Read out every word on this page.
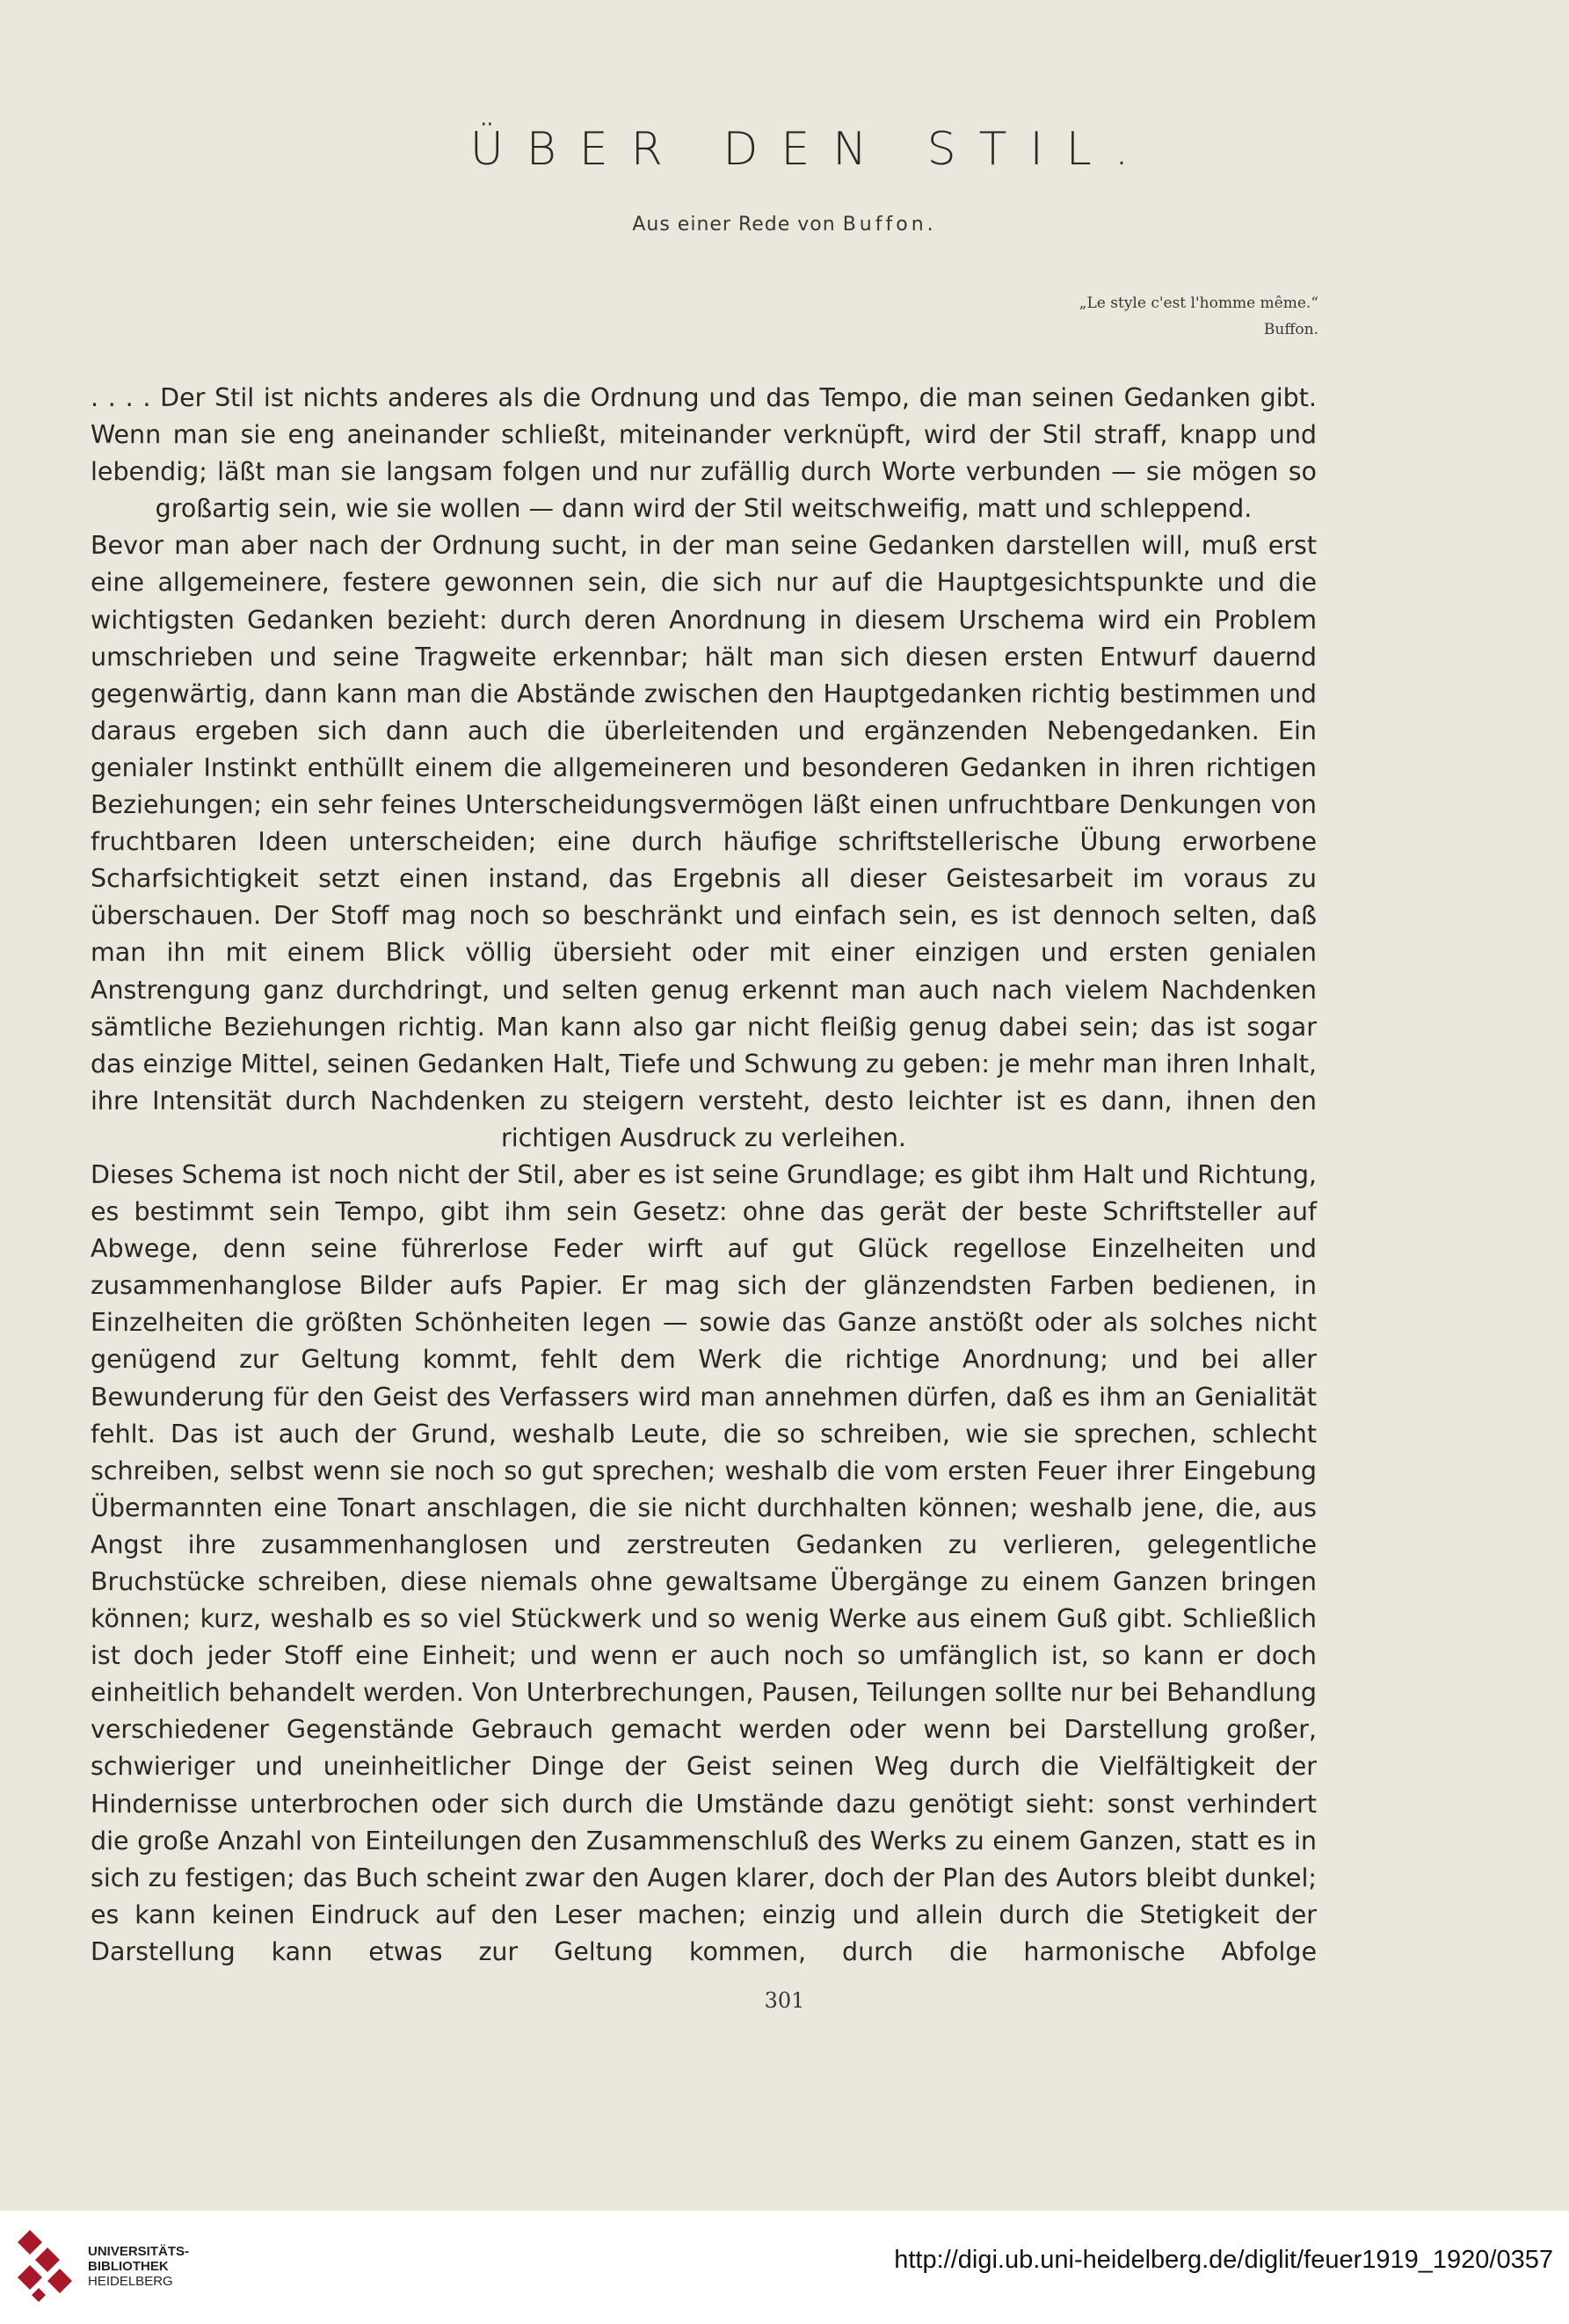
ÜBER DEN STIL.
Aus einer Rede von Buffon.
„Le style c'est l'homme même.“
Buffon.

. . . . Der Stil ist nichts anderes als die Ordnung und das Tempo, die man seinen Gedanken gibt. Wenn man sie eng aneinander schließt, miteinander verknüpft, wird der Stil straff, knapp und lebendig; läßt man sie langsam folgen und nur zufällig durch Worte verbunden — sie mögen so großartig sein, wie sie wollen — dann wird der Stil weitschweifig, matt und schleppend.

Bevor man aber nach der Ordnung sucht, in der man seine Gedanken darstellen will, muß erst eine allgemeinere, festere gewonnen sein, die sich nur auf die Hauptgesichtspunkte und die wichtigsten Gedanken bezieht: durch deren Anordnung in diesem Urschema wird ein Problem umschrieben und seine Tragweite erkennbar; hält man sich diesen ersten Entwurf dauernd gegenwärtig, dann kann man die Abstände zwischen den Hauptgedanken richtig bestimmen und daraus ergeben sich dann auch die überleitenden und ergänzenden Nebengedanken. Ein genialer Instinkt enthüllt einem die allgemeineren und besonderen Gedanken in ihren richtigen Beziehungen; ein sehr feines Unterscheidungsvermögen läßt einen unfruchtbare Denkungen von fruchtbaren Ideen unterscheiden; eine durch häufige schriftstellerische Übung erworbene Scharfsichtigkeit setzt einen instand, das Ergebnis all dieser Geistesarbeit im voraus zu überschauen. Der Stoff mag noch so beschränkt und einfach sein, es ist dennoch selten, daß man ihn mit einem Blick völlig übersieht oder mit einer einzigen und ersten genialen Anstrengung ganz durchdringt, und selten genug erkennt man auch nach vielem Nachdenken sämtliche Beziehungen richtig. Man kann also gar nicht fleißig genug dabei sein; das ist sogar das einzige Mittel, seinen Gedanken Halt, Tiefe und Schwung zu geben: je mehr man ihren Inhalt, ihre Intensität durch Nachdenken zu steigern versteht, desto leichter ist es dann, ihnen den richtigen Ausdruck zu verleihen.

Dieses Schema ist noch nicht der Stil, aber es ist seine Grundlage; es gibt ihm Halt und Richtung, es bestimmt sein Tempo, gibt ihm sein Gesetz: ohne das gerät der beste Schriftsteller auf Abwege, denn seine führerlose Feder wirft auf gut Glück regellose Einzelheiten und zusammenhanglose Bilder aufs Papier. Er mag sich der glänzendsten Farben bedienen, in Einzelheiten die größten Schönheiten legen — sowie das Ganze anstößt oder als solches nicht genügend zur Geltung kommt, fehlt dem Werk die richtige Anordnung; und bei aller Bewunderung für den Geist des Verfassers wird man annehmen dürfen, daß es ihm an Genialität fehlt. Das ist auch der Grund, weshalb Leute, die so schreiben, wie sie sprechen, schlecht schreiben, selbst wenn sie noch so gut sprechen; weshalb die vom ersten Feuer ihrer Eingebung Übermannten eine Tonart anschlagen, die sie nicht durchhalten können; weshalb jene, die, aus Angst ihre zusammenhanglosen und zerstreuten Gedanken zu verlieren, gelegentliche Bruchstücke schreiben, diese niemals ohne gewaltsame Übergänge zu einem Ganzen bringen können; kurz, weshalb es so viel Stückwerk und so wenig Werke aus einem Guß gibt. Schließlich ist doch jeder Stoff eine Einheit; und wenn er auch noch so umfänglich ist, so kann er doch einheitlich behandelt werden. Von Unterbrechungen, Pausen, Teilungen sollte nur bei Behandlung verschiedener Gegenstände Gebrauch gemacht werden oder wenn bei Darstellung großer, schwieriger und uneinheitlicher Dinge der Geist seinen Weg durch die Vielfältigkeit der Hindernisse unterbrochen oder sich durch die Umstände dazu genötigt sieht: sonst verhindert die große Anzahl von Einteilungen den Zusammenschluß des Werks zu einem Ganzen, statt es in sich zu festigen; das Buch scheint zwar den Augen klarer, doch der Plan des Autors bleibt dunkel; es kann keinen Eindruck auf den Leser machen; einzig und allein durch die Stetigkeit der Darstellung kann etwas zur Geltung kommen, durch die harmonische Abfolge

301
UNIVERSITÄTS-
BIBLIOTHEK
HEIDELBERG
http://digi.ub.uni-heidelberg.de/diglit/feuer1919_1920/0357
